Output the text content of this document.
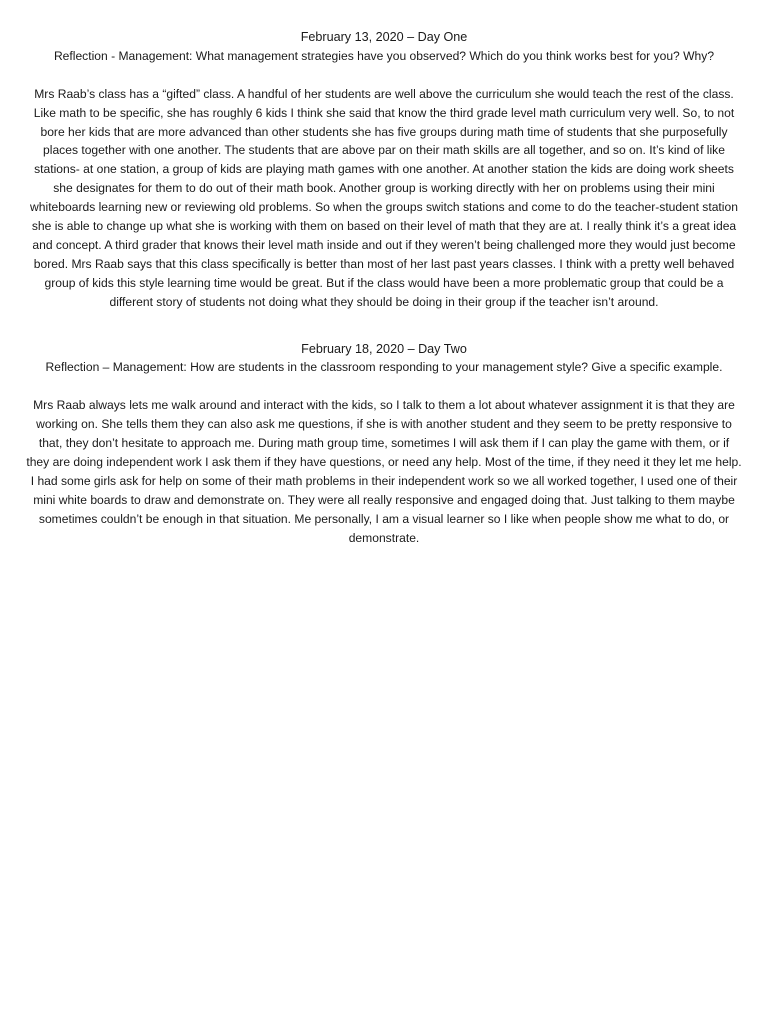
February 13, 2020 – Day One
Reflection - Management: What management strategies have you observed? Which do you think works best for you? Why?

Mrs Raab’s class has a “gifted” class. A handful of her students are well above the curriculum she would teach the rest of the class. Like math to be specific, she has roughly 6 kids I think she said that know the third grade level math curriculum very well. So, to not bore her kids that are more advanced than other students she has five groups during math time of students that she purposefully places together with one another. The students that are above par on their math skills are all together, and so on. It’s kind of like stations- at one station, a group of kids are playing math games with one another. At another station the kids are doing work sheets she designates for them to do out of their math book. Another group is working directly with her on problems using their mini whiteboards learning new or reviewing old problems. So when the groups switch stations and come to do the teacher-student station she is able to change up what she is working with them on based on their level of math that they are at. I really think it’s a great idea and concept. A third grader that knows their level math inside and out if they weren’t being challenged more they would just become bored. Mrs Raab says that this class specifically is better than most of her last past years classes. I think with a pretty well behaved group of kids this style learning time would be great. But if the class would have been a more problematic group that could be a different story of students not doing what they should be doing in their group if the teacher isn’t around.

February 18, 2020 – Day Two
Reflection – Management: How are students in the classroom responding to your management style? Give a specific example.

Mrs Raab always lets me walk around and interact with the kids, so I talk to them a lot about whatever assignment it is that they are working on. She tells them they can also ask me questions, if she is with another student and they seem to be pretty responsive to that, they don’t hesitate to approach me. During math group time, sometimes I will ask them if I can play the game with them, or if they are doing independent work I ask them if they have questions, or need any help. Most of the time, if they need it they let me help. I had some girls ask for help on some of their math problems in their independent work so we all worked together, I used one of their mini white boards to draw and demonstrate on. They were all really responsive and engaged doing that. Just talking to them maybe sometimes couldn’t be enough in that situation. Me personally, I am a visual learner so I like when people show me what to do, or demonstrate.
